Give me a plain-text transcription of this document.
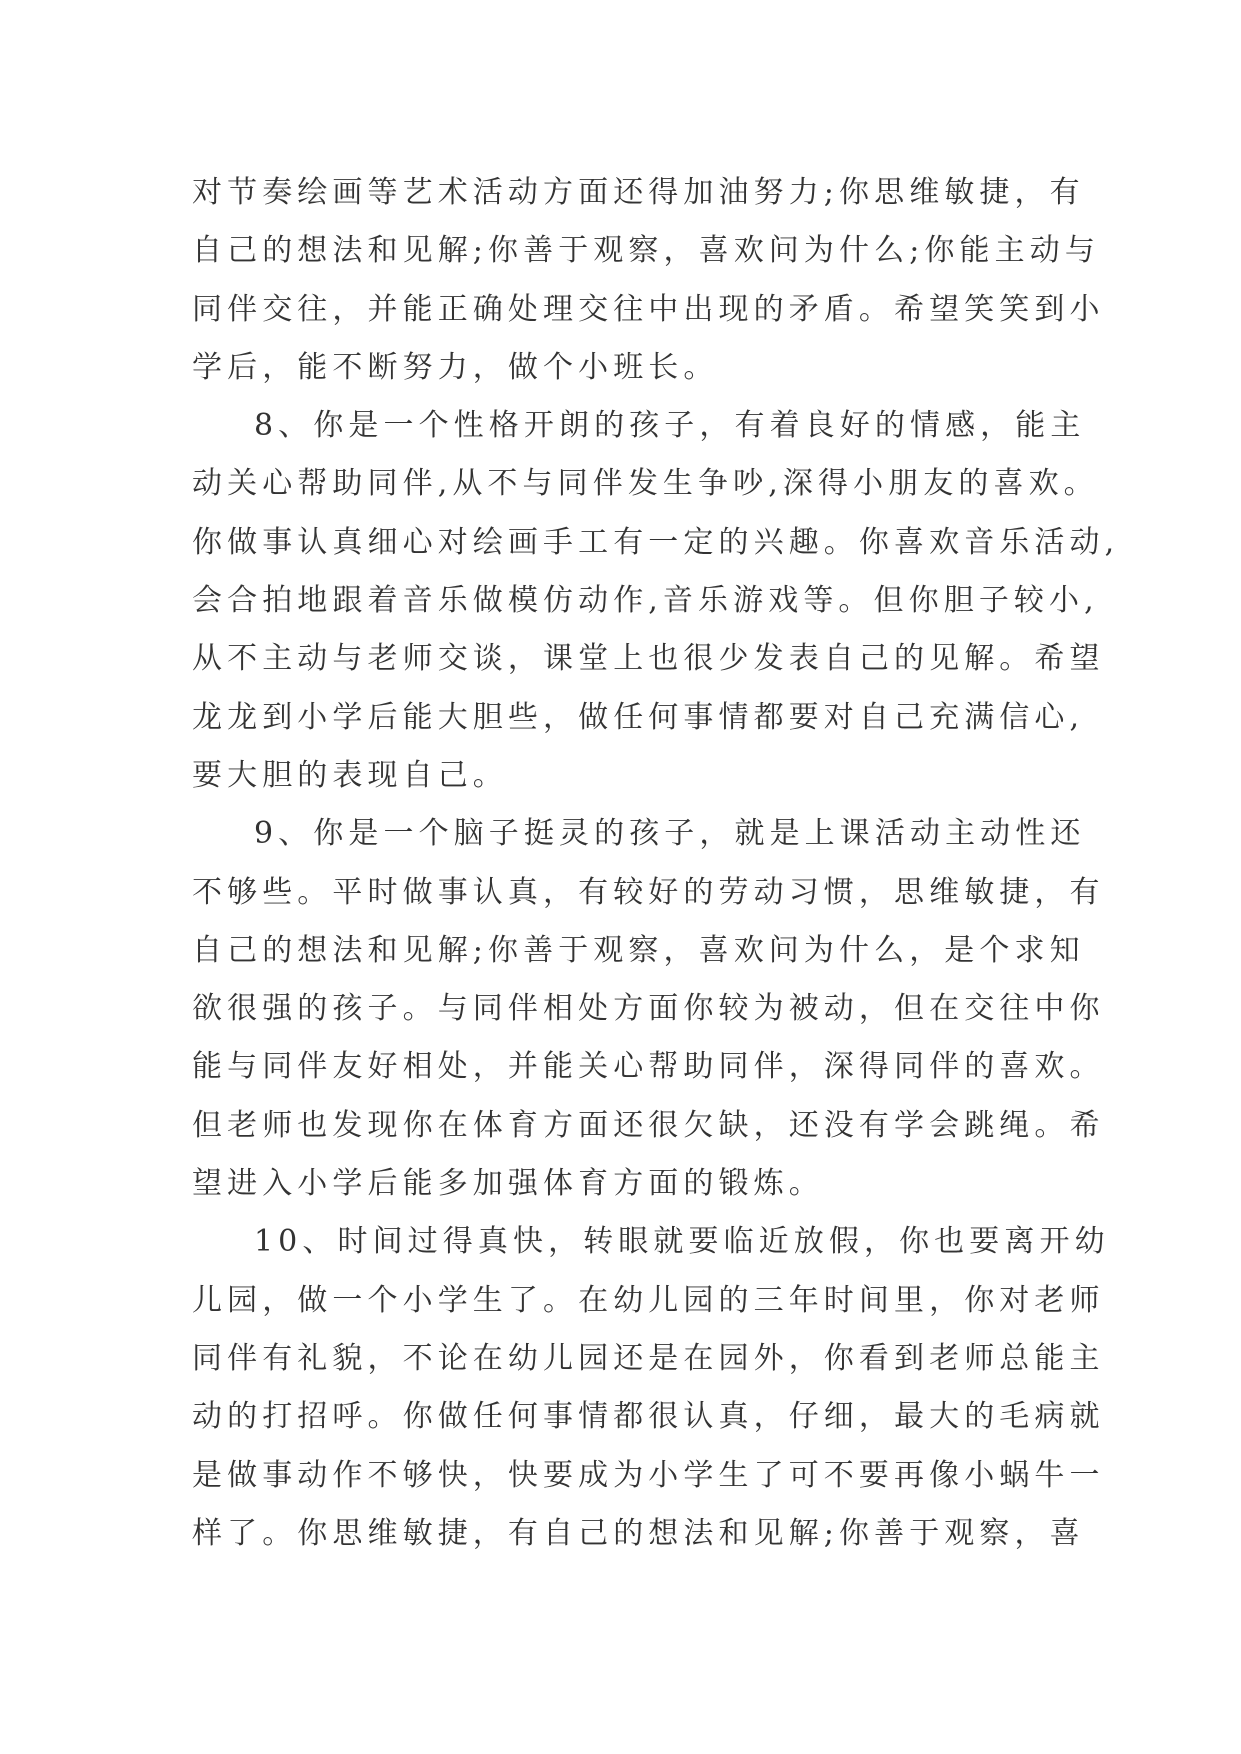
对节奏绘画等艺术活动方面还得加油努力;你思维敏捷，有
自己的想法和见解;你善于观察，喜欢问为什么;你能主动与
同伴交往，并能正确处理交往中出现的矛盾。希望笑笑到小
学后，能不断努力，做个小班长。
8、你是一个性格开朗的孩子，有着良好的情感，能主
动关心帮助同伴,从不与同伴发生争吵,深得小朋友的喜欢。
你做事认真细心对绘画手工有一定的兴趣。你喜欢音乐活动,
会合拍地跟着音乐做模仿动作,音乐游戏等。但你胆子较小,
从不主动与老师交谈，课堂上也很少发表自己的见解。希望
龙龙到小学后能大胆些，做任何事情都要对自己充满信心,
要大胆的表现自己。
9、你是一个脑子挺灵的孩子，就是上课活动主动性还
不够些。平时做事认真，有较好的劳动习惯，思维敏捷，有
自己的想法和见解;你善于观察，喜欢问为什么，是个求知
欲很强的孩子。与同伴相处方面你较为被动，但在交往中你
能与同伴友好相处，并能关心帮助同伴，深得同伴的喜欢。
但老师也发现你在体育方面还很欠缺，还没有学会跳绳。希
望进入小学后能多加强体育方面的锻炼。
10、时间过得真快，转眼就要临近放假，你也要离开幼
儿园，做一个小学生了。在幼儿园的三年时间里，你对老师
同伴有礼貌，不论在幼儿园还是在园外，你看到老师总能主
动的打招呼。你做任何事情都很认真，仔细，最大的毛病就
是做事动作不够快，快要成为小学生了可不要再像小蜗牛一
样了。你思维敏捷，有自己的想法和见解;你善于观察，喜
